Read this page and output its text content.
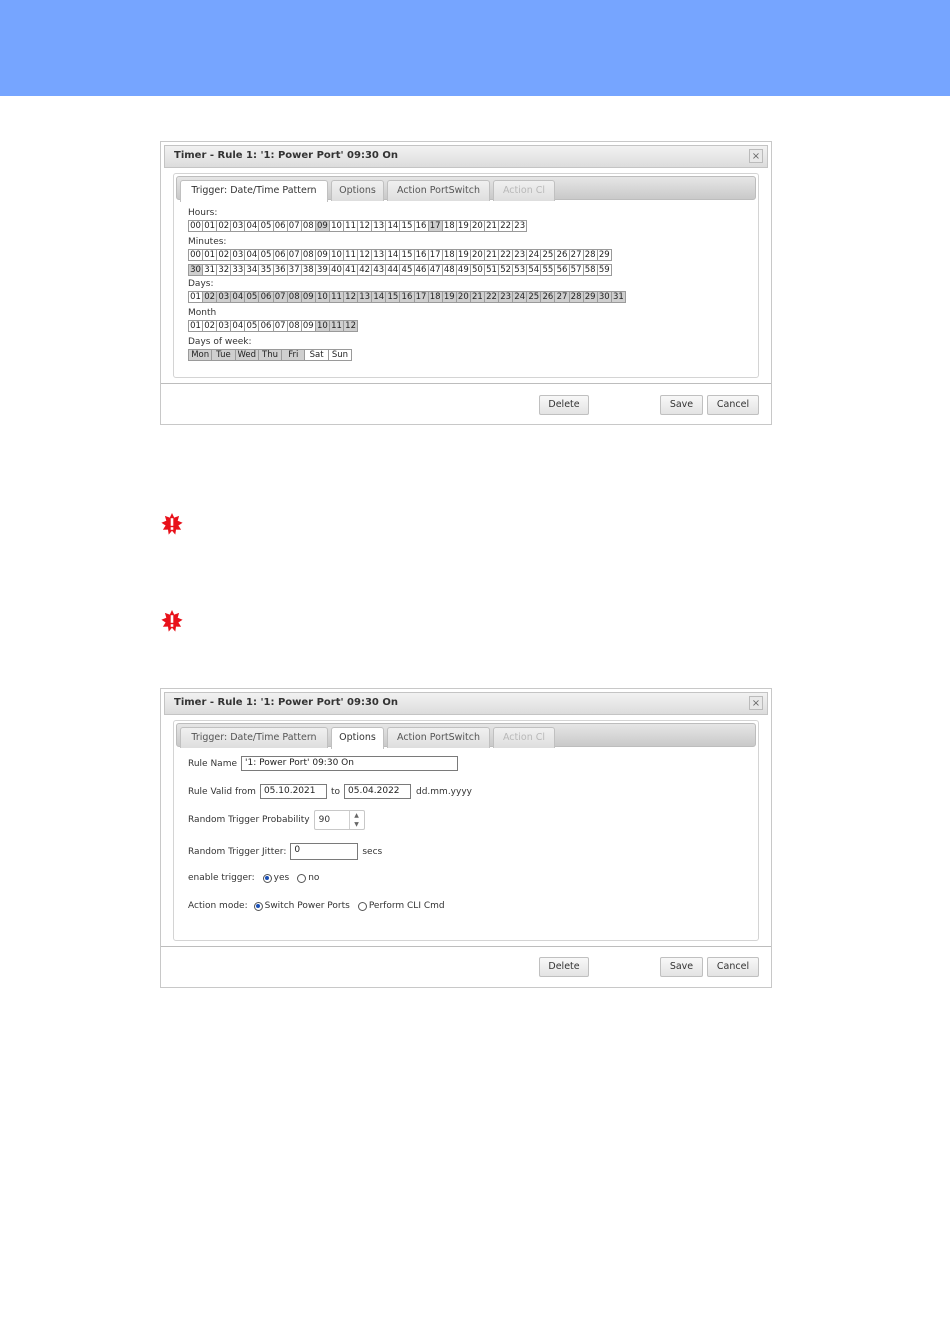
Timer - Rule 1: '1: Power Port' 09:30 On	×
Trigger: Date/Time Pattern	Options	Action PortSwitch	Action Cl
Hours:
00 01 02 03 04 05 06 07 08 09 10 11 12 13 14 15 16 17 18 19 20 21 22 23
Minutes:
00 01 02 03 04 05 06 07 08 09 10 11 12 13 14 15 16 17 18 19 20 21 22 23 24 25 26 27 28 29
30 31 32 33 34 35 36 37 38 39 40 41 42 43 44 45 46 47 48 49 50 51 52 53 54 55 56 57 58 59
Days:
01 02 03 04 05 06 07 08 09 10 11 12 13 14 15 16 17 18 19 20 21 22 23 24 25 26 27 28 29 30 31
Month
01 02 03 04 05 06 07 08 09 10 11 12
Days of week:
Mon Tue Wed Thu	Fri	Sat Sun
Delete	Save	Cancel
Timer - Rule 1: '1: Power Port' 09:30 On	×
Trigger: Date/Time Pattern	Options	Action PortSwitch	Action Cl
Rule Name '1: Power Port' 09:30 On
Rule Valid from 05.10.2021	to 05.04.2022	dd.mm.yyyy
Random Trigger Probability	90	▲
▼
Random Trigger Jitter: 0	secs
enable trigger: yes no
Action mode: Switch Power Ports Perform CLI Cmd
Delete	Save	Cancel
